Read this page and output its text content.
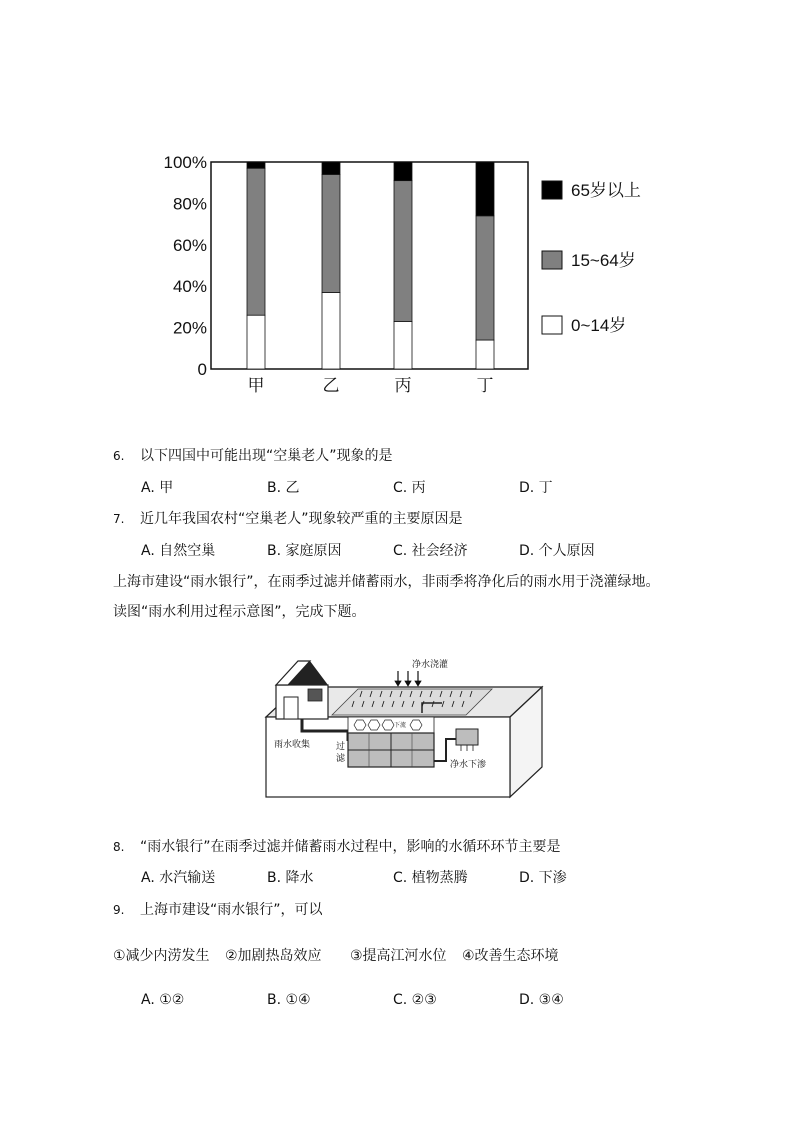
100%
80%
60%
40%
20%
0
甲	乙	丙	丁
65岁以上
15~64岁
0~14岁
6. 以下四国中可能出现“空巢老人”现象的是
A. 甲	B. 乙	C. 丙	D. 丁
7. 近几年我国农村“空巢老人”现象较严重的主要原因是
A. 自然空巢	B. 家庭原因	C. 社会经济	D. 个人原因
上海市建设“雨水银行”，在雨季过滤并储蓄雨水，非雨季将净化后的雨水用于浇灌绿地。
读图“雨水利用过程示意图”，完成下题。
净水浇灌
雨水收集	过
滤
净水下渗
下流
8. “雨水银行”在雨季过滤并储蓄雨水过程中，影响的水循环环节主要是
A. 水汽输送	B. 降水	C. 植物蒸腾	D. 下渗
9. 上海市建设“雨水银行”，可以
①减少内涝发生 ②加剧热岛效应 ③提高江河水位 ④改善生态环境
A. ①②	B. ①④	C. ②③	D. ③④
